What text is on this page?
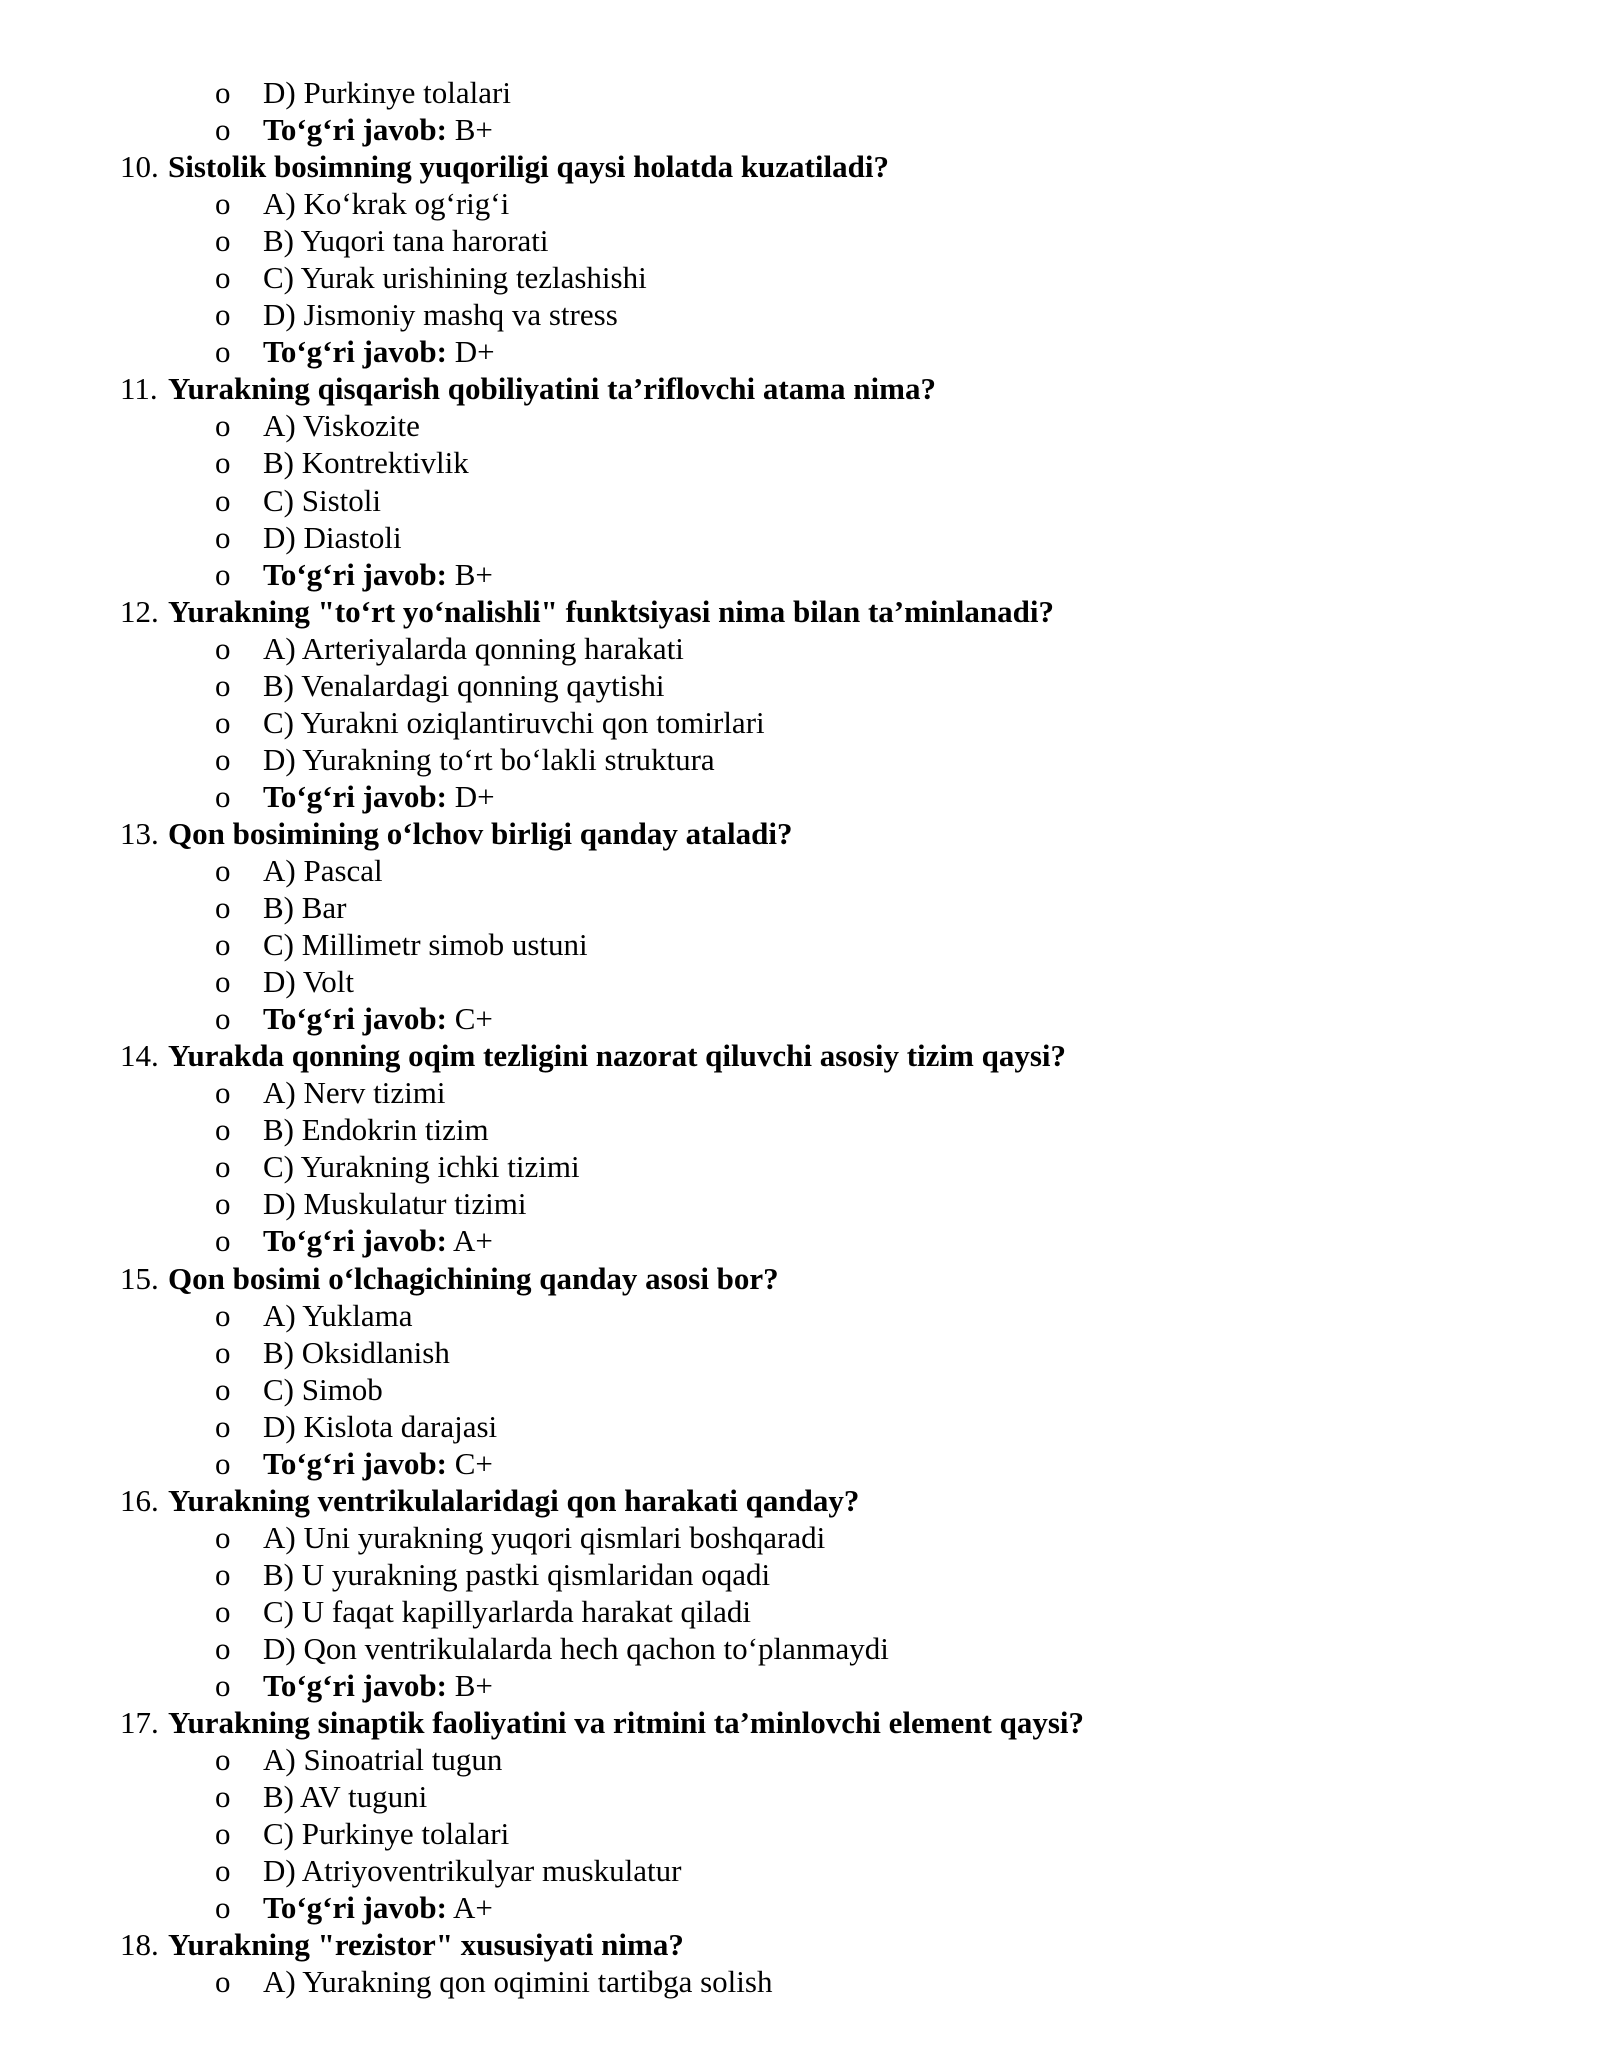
o D) Purkinye tolalari
o To‘g‘ri javob: B+
10. Sistolik bosimning yuqoriligi qaysi holatda kuzatiladi?
o A) Ko‘krak og‘rig‘i
o B) Yuqori tana harorati
o C) Yurak urishining tezlashishi
o D) Jismoniy mashq va stress
o To‘g‘ri javob: D+
11. Yurakning qisqarish qobiliyatini ta’riflovchi atama nima?
o A) Viskozite
o B) Kontrektivlik
o C) Sistoli
o D) Diastoli
o To‘g‘ri javob: B+
12. Yurakning "to‘rt yo‘nalishli" funktsiyasi nima bilan ta’minlanadi?
o A) Arteriyalarda qonning harakati
o B) Venalardagi qonning qaytishi
o C) Yurakni oziqlantiruvchi qon tomirlari
o D) Yurakning to‘rt bo‘lakli struktura
o To‘g‘ri javob: D+
13. Qon bosimining o‘lchov birligi qanday ataladi?
o A) Pascal
o B) Bar
o C) Millimetr simob ustuni
o D) Volt
o To‘g‘ri javob: C+
14. Yurakda qonning oqim tezligini nazorat qiluvchi asosiy tizim qaysi?
o A) Nerv tizimi
o B) Endokrin tizim
o C) Yurakning ichki tizimi
o D) Muskulatur tizimi
o To‘g‘ri javob: A+
15. Qon bosimi o‘lchagichining qanday asosi bor?
o A) Yuklama
o B) Oksidlanish
o C) Simob
o D) Kislota darajasi
o To‘g‘ri javob: C+
16. Yurakning ventrikulalaridagi qon harakati qanday?
o A) Uni yurakning yuqori qismlari boshqaradi
o B) U yurakning pastki qismlaridan oqadi
o C) U faqat kapillyarlarda harakat qiladi
o D) Qon ventrikulalarda hech qachon to‘planmaydi
o To‘g‘ri javob: B+
17. Yurakning sinaptik faoliyatini va ritmini ta’minlovchi element qaysi?
o A) Sinoatrial tugun
o B) AV tuguni
o C) Purkinye tolalari
o D) Atriyoventrikulyar muskulatur
o To‘g‘ri javob: A+
18. Yurakning "rezistor" xususiyati nima?
o A) Yurakning qon oqimini tartibga solish
